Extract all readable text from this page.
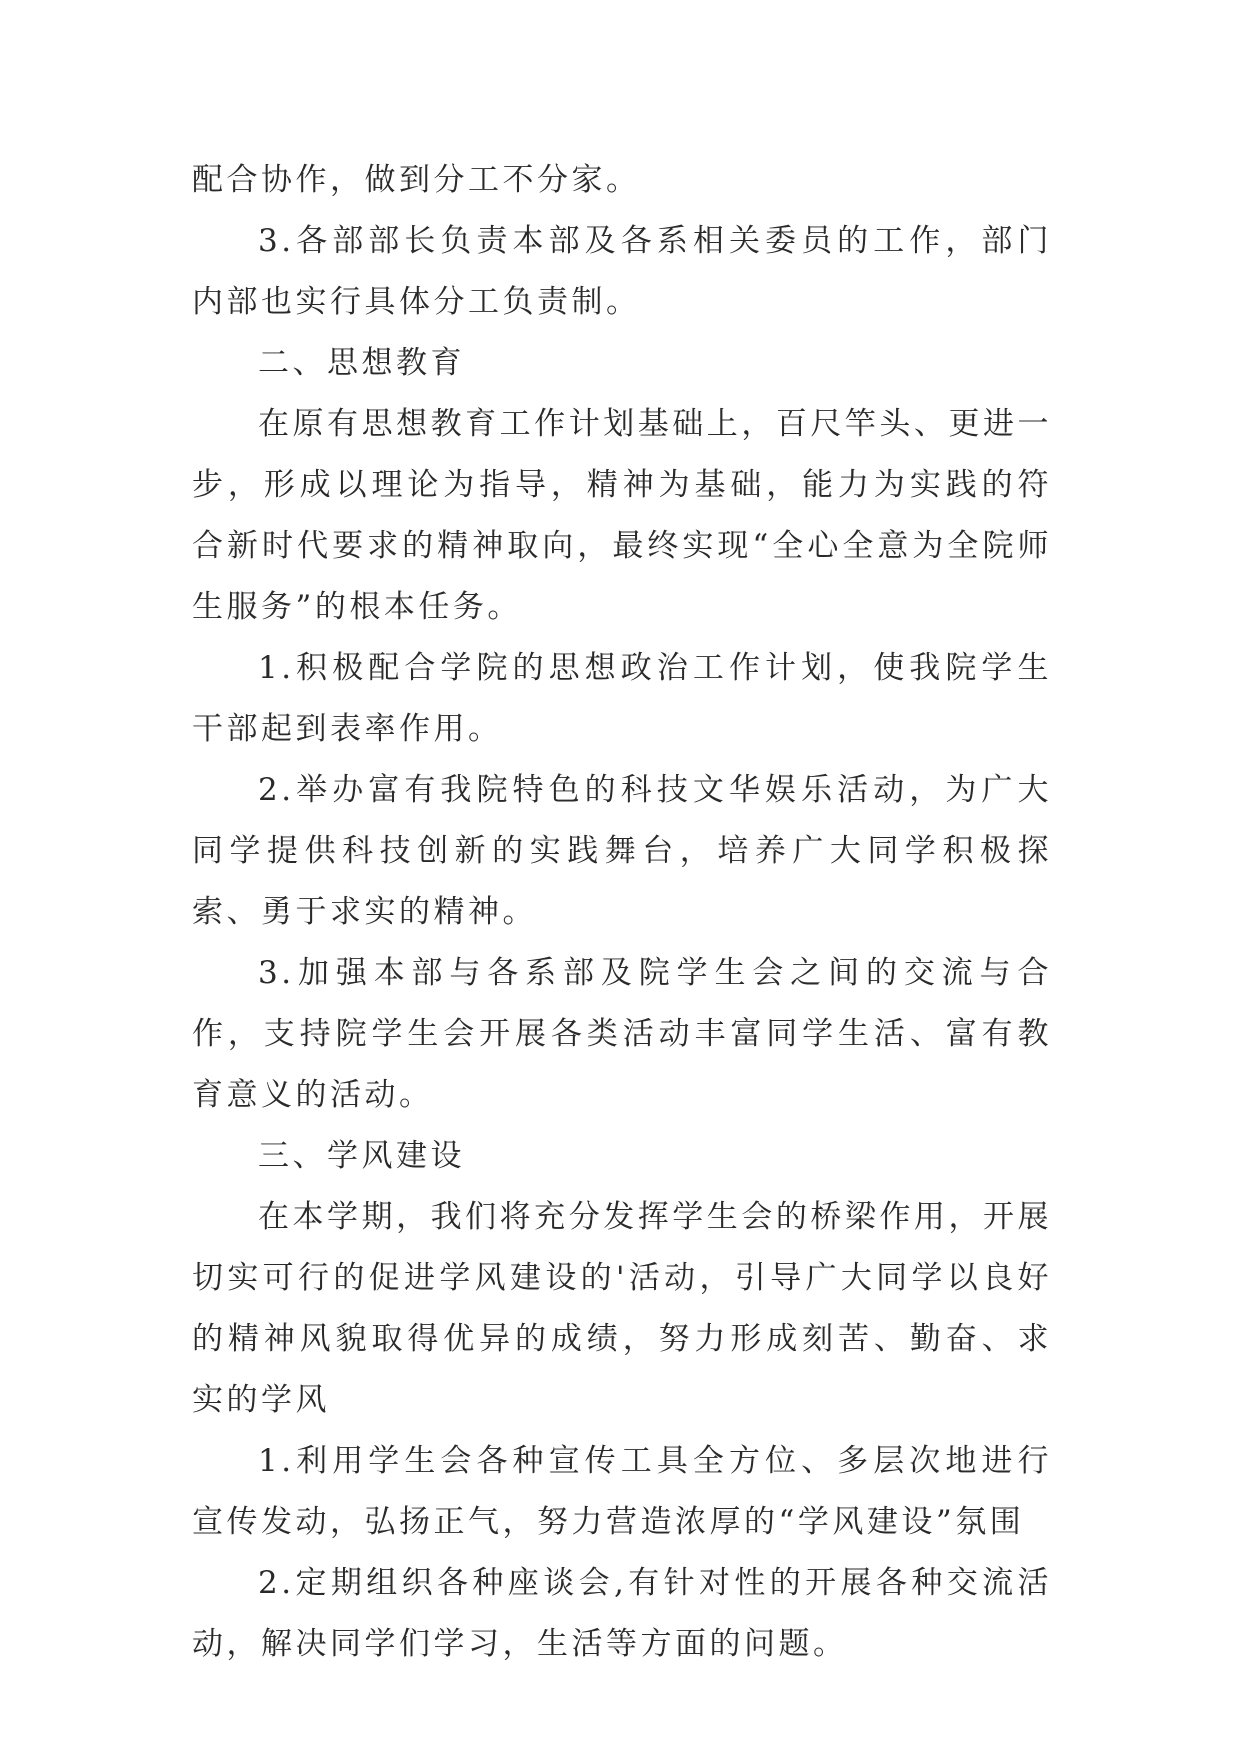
配合协作，做到分工不分家。

3.各部部长负责本部及各系相关委员的工作，部门内部也实行具体分工负责制。

二、思想教育

在原有思想教育工作计划基础上，百尺竿头、更进一步，形成以理论为指导，精神为基础，能力为实践的符合新时代要求的精神取向，最终实现“全心全意为全院师生服务”的根本任务。

1.积极配合学院的思想政治工作计划，使我院学生干部起到表率作用。

2.举办富有我院特色的科技文华娱乐活动，为广大同学提供科技创新的实践舞台，培养广大同学积极探索、勇于求实的精神。

3.加强本部与各系部及院学生会之间的交流与合作，支持院学生会开展各类活动丰富同学生活、富有教育意义的活动。

三、学风建设

在本学期，我们将充分发挥学生会的桥梁作用，开展切实可行的促进学风建设的'活动，引导广大同学以良好的精神风貌取得优异的成绩，努力形成刻苦、勤奋、求实的学风

1.利用学生会各种宣传工具全方位、多层次地进行宣传发动，弘扬正气，努力营造浓厚的“学风建设”氛围

2.定期组织各种座谈会,有针对性的开展各种交流活动，解决同学们学习，生活等方面的问题。
